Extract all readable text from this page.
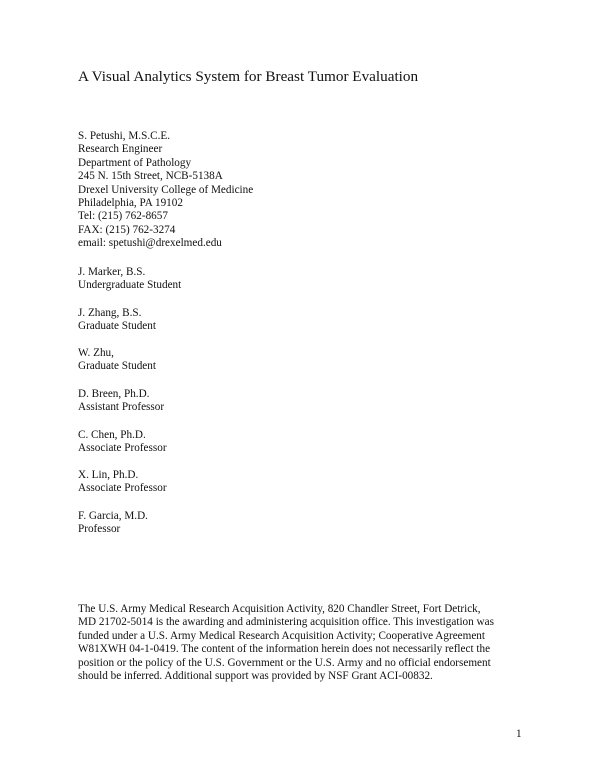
A Visual Analytics System for Breast Tumor Evaluation
S. Petushi, M.S.C.E.
Research Engineer
Department of Pathology
245 N. 15th Street, NCB-5138A
Drexel University College of Medicine
Philadelphia, PA 19102
Tel: (215) 762-8657
FAX: (215) 762-3274
email: spetushi@drexelmed.edu
J. Marker, B.S.
Undergraduate Student
J. Zhang, B.S.
Graduate Student
W. Zhu,
Graduate Student
D. Breen, Ph.D.
Assistant Professor
C. Chen, Ph.D.
Associate Professor
X. Lin, Ph.D.
Associate Professor
F. Garcia, M.D.
Professor
The U.S. Army Medical Research Acquisition Activity, 820 Chandler Street, Fort Detrick,
MD 21702-5014 is the awarding and administering acquisition office. This investigation was
funded under a U.S. Army Medical Research Acquisition Activity; Cooperative Agreement
W81XWH 04-1-0419. The content of the information herein does not necessarily reflect the
position or the policy of the U.S. Government or the U.S. Army and no official endorsement
should be inferred. Additional support was provided by NSF Grant ACI-00832.
1
